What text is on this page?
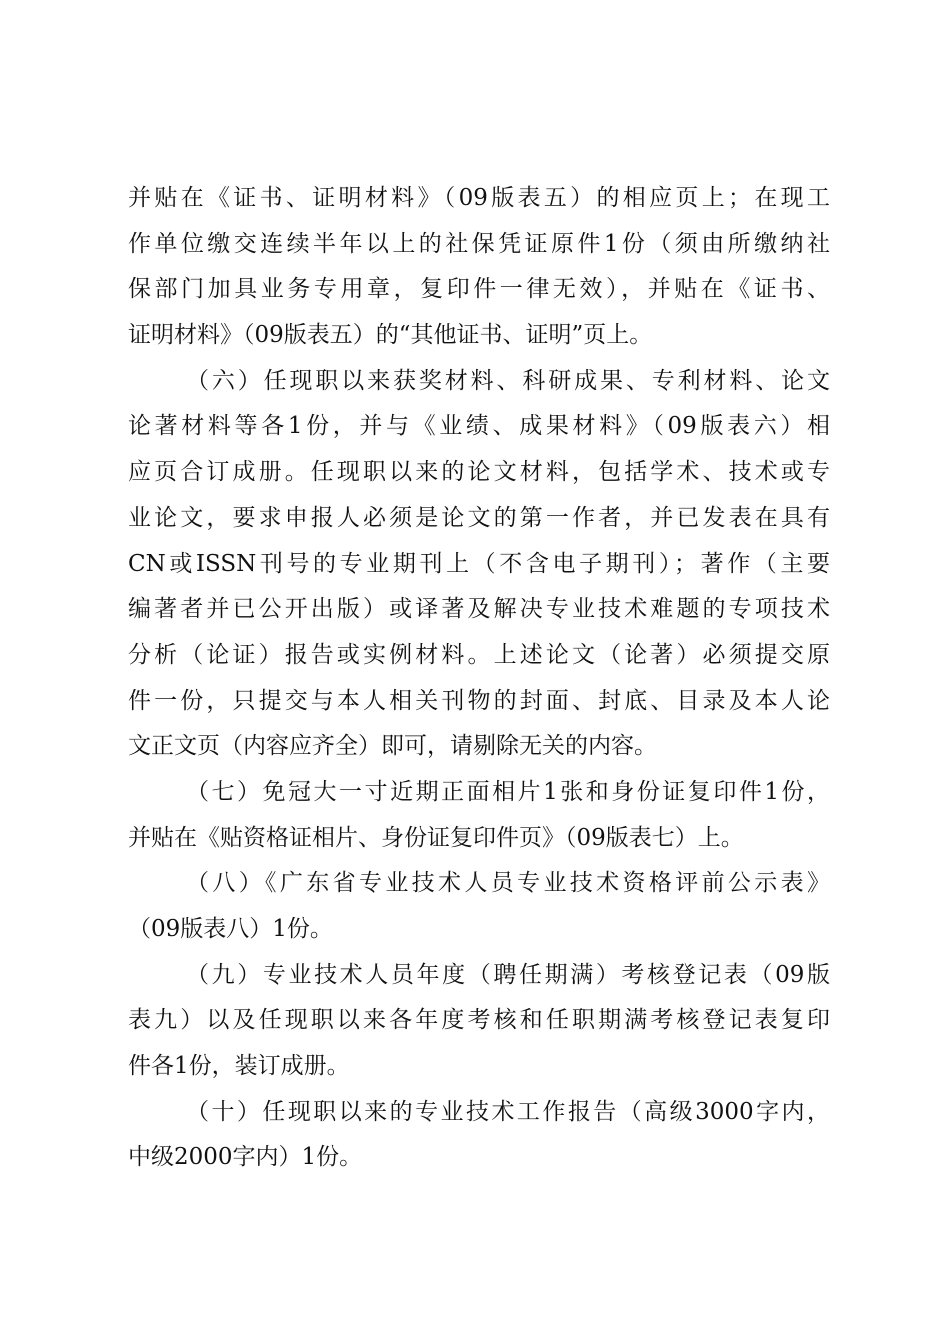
并贴在《证书、证明材料》（09版表五）的相应页上；在现工
作单位缴交连续半年以上的社保凭证原件1份（须由所缴纳社
保部门加具业务专用章，复印件一律无效），并贴在《证书、
证明材料》（09版表五）的“其他证书、证明”页上。
（六）任现职以来获奖材料、科研成果、专利材料、论文
论著材料等各1份，并与《业绩、成果材料》（09版表六）相
应页合订成册。任现职以来的论文材料，包括学术、技术或专
业论文，要求申报人必须是论文的第一作者，并已发表在具有
CN或ISSN刊号的专业期刊上（不含电子期刊）；著作（主要
编著者并已公开出版）或译著及解决专业技术难题的专项技术
分析（论证）报告或实例材料。上述论文（论著）必须提交原
件一份，只提交与本人相关刊物的封面、封底、目录及本人论
文正文页（内容应齐全）即可，请剔除无关的内容。
（七）免冠大一寸近期正面相片1张和身份证复印件1份，
并贴在《贴资格证相片、身份证复印件页》（09版表七）上。
（八）《广东省专业技术人员专业技术资格评前公示表》
（09版表八）1份。
（九）专业技术人员年度（聘任期满）考核登记表（09版
表九）以及任现职以来各年度考核和任职期满考核登记表复印
件各1份，装订成册。
（十）任现职以来的专业技术工作报告（高级3000字内，
中级2000字内）1份。
